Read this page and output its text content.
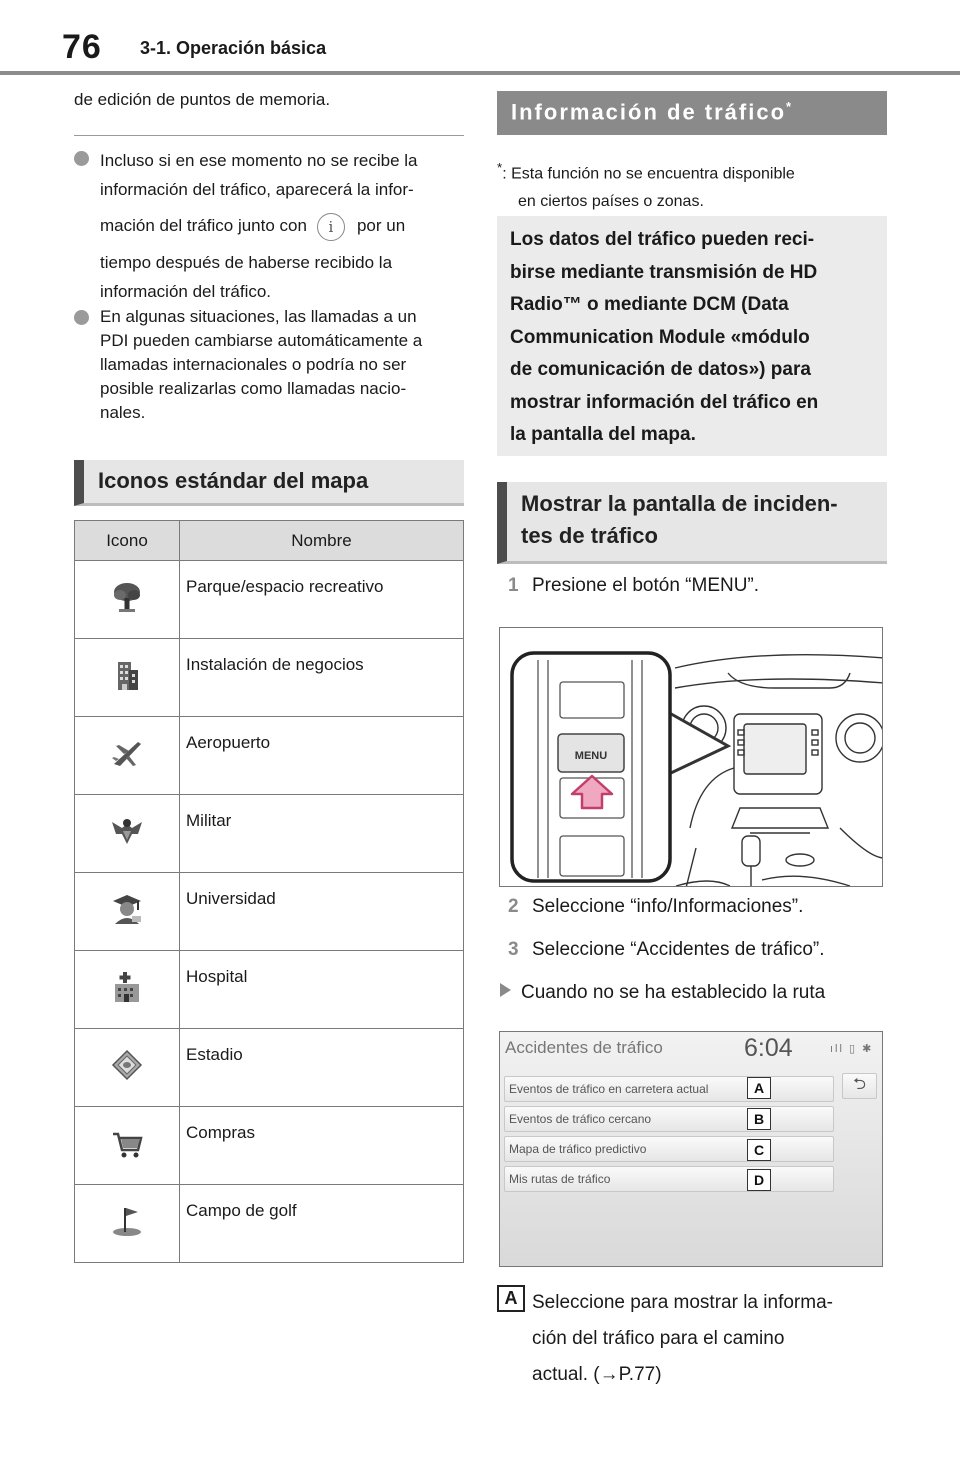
76 3-1. Operación básica
de edición de puntos de memoria.
Incluso si en ese momento no se recibe la
información del tráfico, aparecerá la infor-
mación del tráfico junto con i por un
tiempo después de haberse recibido la
información del tráfico.
En algunas situaciones, las llamadas a un
PDI pueden cambiarse automáticamente a
llamadas internacionales o podría no ser
posible realizarlas como llamadas nacio-
nales.
Iconos estándar del mapa
Icono	Nombre
	Parque/espacio recreativo
	Instalación de negocios
	Aeropuerto
	Militar
	Universidad
	Hospital
	Estadio
	Compras
	Campo de golf
Información de tráfico*
*: Esta función no se encuentra disponible
en ciertos países o zonas.
Los datos del tráfico pueden reci-
birse mediante transmisión de HD
Radio™ o mediante DCM (Data
Communication Module «módulo
de comunicación de datos») para
mostrar información del tráfico en
la pantalla del mapa.
Mostrar la pantalla de inciden-
tes de tráfico
1 Presione el botón “MENU”.
MENU
2 Seleccione “info/Informaciones”.
3 Seleccione “Accidentes de tráfico”.
Cuando no se ha establecido la ruta
Accidentes de tráfico	6:04	ıll ▯ ✱
Eventos de tráfico en carretera actual
Eventos de tráfico cercano
Mapa de tráfico predictivo
Mis rutas de tráfico
A
B
C
D
⮌
A Seleccione para mostrar la informa-
ción del tráfico para el camino
actual. (→P.77)
